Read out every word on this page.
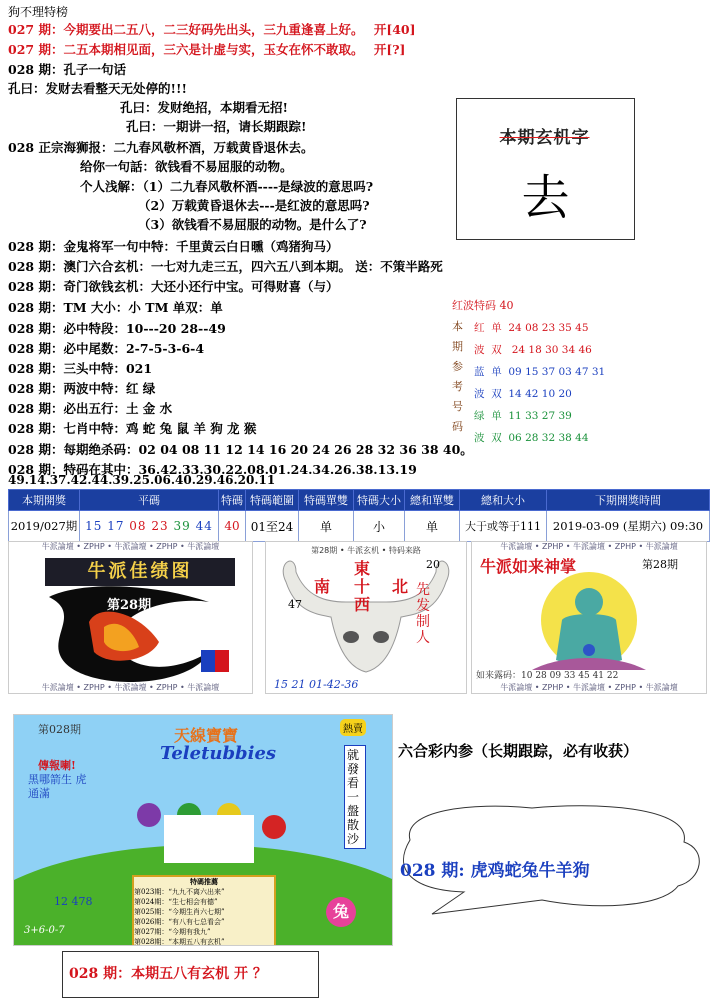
狗不理特榜
027 期：今期要出二五八，二三好码先出头，三九重逢喜上好。 开[40]
027 期：二五本期相见面，三六是计虚与实，玉女在怀不敢取。 开[?]
028 期：孔子一句话
孔曰：发财去看整天无处停的!!!
孔曰：发财绝招，本期看无招!
孔曰：一期讲一招，请长期跟踪!
028 正宗海狮报：二九春风敬杯酒，万载黄昏退休去。
给你一句話：欲钱看不易屈服的动物。
个人浅解：（1）二九春风敬杯酒----是绿波的意思吗?
（2）万载黄昏退休去---是红波的意思吗?
（3）欲钱看不易屈服的动物。是什么了?
028 期：金鬼将军一句中特：千里黄云白日曛（鸡猪狗马）
028 期：澳门六合玄机：一七对九走三五，四六五八到本期。 送：不策半路死
028 期：奇门欲钱玄机：大还小还行中宝。可得财喜（与）
028 期：TM 大小：小 TM 单双：单
028 期：必中特段：10---20 28--49
028 期：必中尾数：2-7-5-3-6-4
028 期：三头中特：021
028 期：两波中特：红 绿
028 期：必出五行：土 金 水
028 期：七肖中特：鸡 蛇 兔 鼠 羊 狗 龙 猴
028 期：每期绝杀码：02 04 08 11 12 14 16 20 24 26 28 32 36 38 40。
028 期：特码在其中：36.42.33.30.22.08.01.24.34.26.38.13.19
49.14.37.42.44.39.25.06.40.29.46.20.11
本期玄机字
去
红波特码 40
本
期
参
考
号
码
红 单 24 08 23 35 45
波 双 24 18 30 34 46
蓝 单 09 15 37 03 47 31
波 双 14 42 10 20
绿 单 11 33 27 39
波 双 06 28 32 38 44
本期開獎	平碼	特碼	特碼範圍	特碼單雙	特碼大小	總和單雙	總和大小	下期開獎時間
2019/027期	15 17 08 23 39 44	40	01至24	单	小	单	大于或等于111	2019-03-09 (星期六) 09:30
牛派論壇 • ZPHP • 牛派論壇 • ZPHP • 牛派論壇
牛派佳绩图
第28期
牛派論壇 • ZPHP • 牛派論壇 • ZPHP • 牛派論壇
第28期 • 牛派玄机 • 特码来路
20
東
南 十 北
西
47
先发制人
15 21 01-42-36
牛派論壇 • ZPHP • 牛派論壇 • ZPHP • 牛派論壇
牛派如来神掌	第28期
如来露码：10 28 09 33 45 41 22
牛派論壇 • ZPHP • 牛派論壇 • ZPHP • 牛派論壇
第028期	天線寶寶
Teletubbies
熱賣
就發看一盤散沙
傳報喇!
黑哪箭生 虎通滿
特碼推薦
第023期：“九九不离六出来”
第024期：“生七相会有德”
第025期：“今期生肖六七期”
第026期：“有八有七总看会”
第027期：“今期有我九”
第028期：“本期五八有玄机”
12 478
3+6-0-7
兔
六合彩内参（长期跟踪，必有收获）
028 期: 虎鸡蛇兔牛羊狗
028 期：本期五八有玄机 开 ？
